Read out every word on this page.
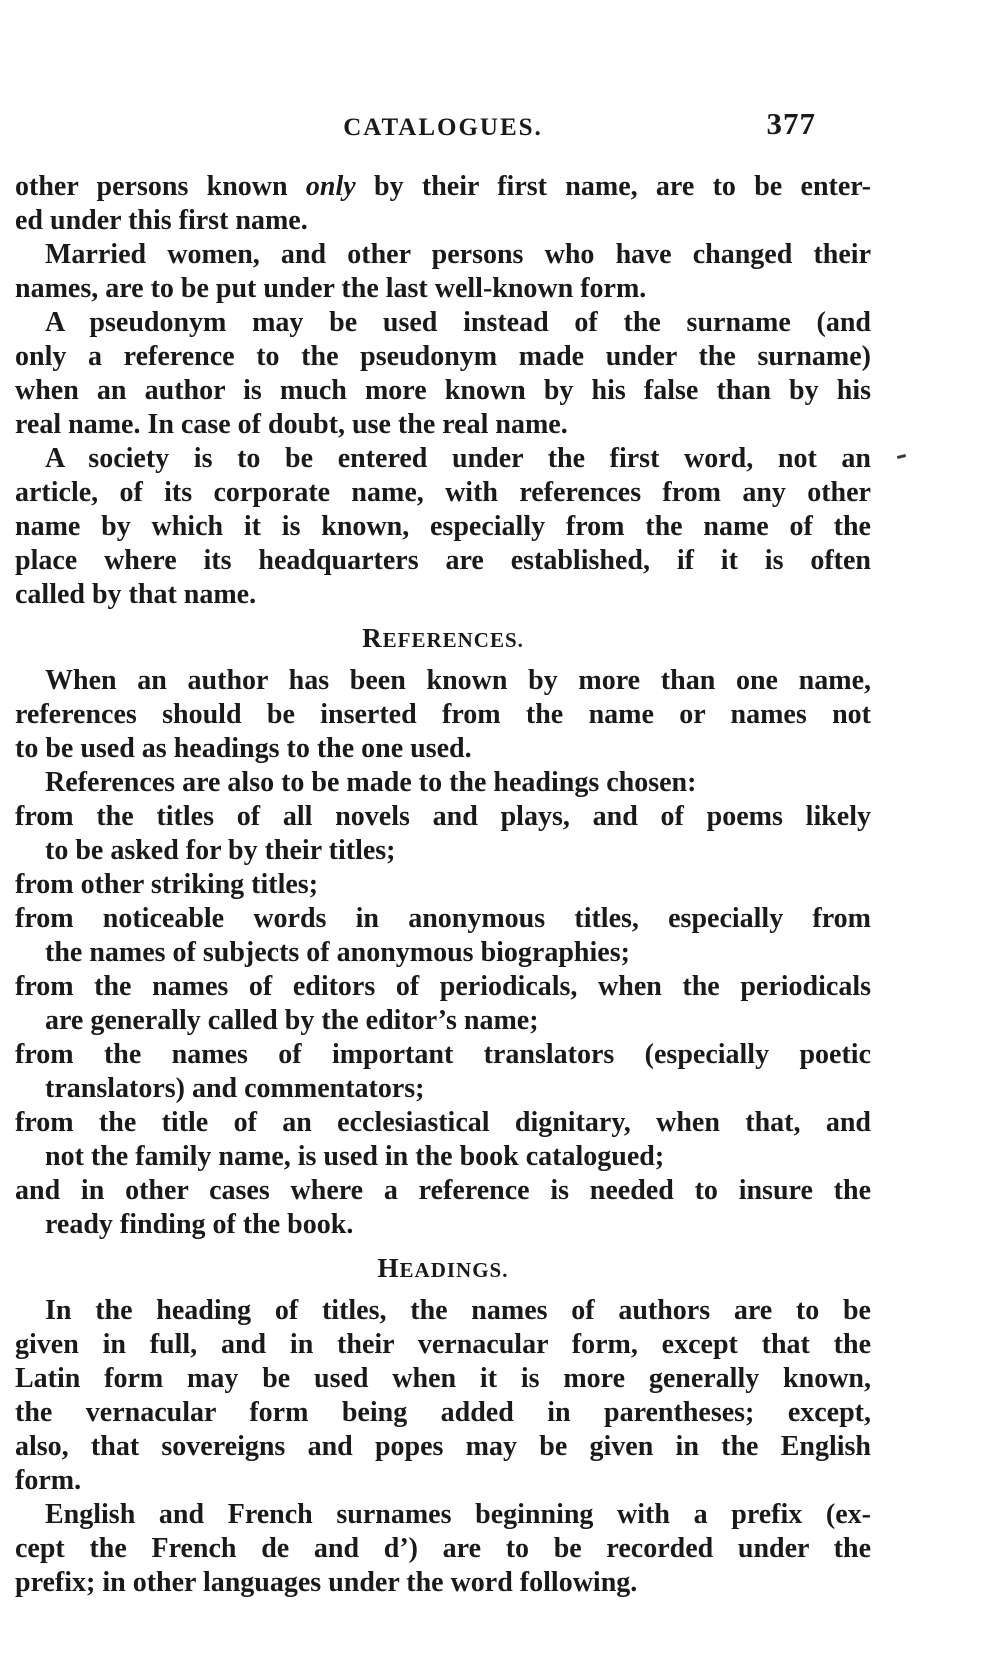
CATALOGUES.	377

other persons known only by their first name, are to be enter-
ed under this first name.

Married women, and other persons who have changed their
names, are to be put under the last well-known form.

A pseudonym may be used instead of the surname (and
only a reference to the pseudonym made under the surname)
when an author is much more known by his false than by his
real name. In case of doubt, use the real name.

A society is to be entered under the first word, not an
article, of its corporate name, with references from any other
name by which it is known, especially from the name of the
place where its headquarters are established, if it is often
called by that name.

REFERENCES.

When an author has been known by more than one name,
references should be inserted from the name or names not
to be used as headings to the one used.

References are also to be made to the headings chosen:

from the titles of all novels and plays, and of poems likely
to be asked for by their titles;

from other striking titles;

from noticeable words in anonymous titles, especially from
the names of subjects of anonymous biographies;

from the names of editors of periodicals, when the periodicals
are generally called by the editor’s name;

from the names of important translators (especially poetic
translators) and commentators;

from the title of an ecclesiastical dignitary, when that, and
not the family name, is used in the book catalogued;

and in other cases where a reference is needed to insure the
ready finding of the book.

HEADINGS.

In the heading of titles, the names of authors are to be
given in full, and in their vernacular form, except that the
Latin form may be used when it is more generally known,
the vernacular form being added in parentheses; except,
also, that sovereigns and popes may be given in the English
form.

English and French surnames beginning with a prefix (ex-
cept the French de and d’) are to be recorded under the
prefix; in other languages under the word following.
